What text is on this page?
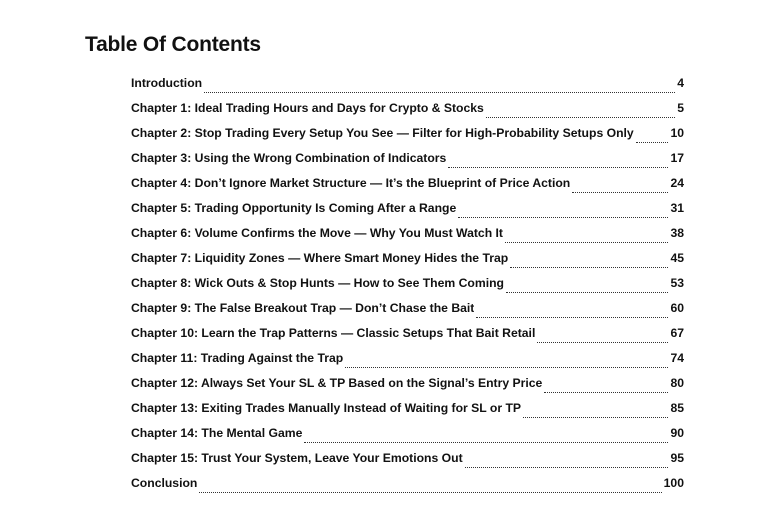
Table Of Contents
Introduction	4
Chapter 1: Ideal Trading Hours and Days for Crypto & Stocks	5
Chapter 2: Stop Trading Every Setup You See — Filter for High-Probability Setups Only	10
Chapter 3: Using the Wrong Combination of Indicators	17
Chapter 4: Don’t Ignore Market Structure — It’s the Blueprint of Price Action	24
Chapter 5: Trading Opportunity Is Coming After a Range	31
Chapter 6: Volume Confirms the Move — Why You Must Watch It	38
Chapter 7: Liquidity Zones — Where Smart Money Hides the Trap	45
Chapter 8: Wick Outs & Stop Hunts — How to See Them Coming	53
Chapter 9: The False Breakout Trap — Don’t Chase the Bait	60
Chapter 10: Learn the Trap Patterns — Classic Setups That Bait Retail	67
Chapter 11: Trading Against the Trap	74
Chapter 12: Always Set Your SL & TP Based on the Signal’s Entry Price	80
Chapter 13: Exiting Trades Manually Instead of Waiting for SL or TP	85
Chapter 14: The Mental Game	90
Chapter 15: Trust Your System, Leave Your Emotions Out	95
Conclusion	100
